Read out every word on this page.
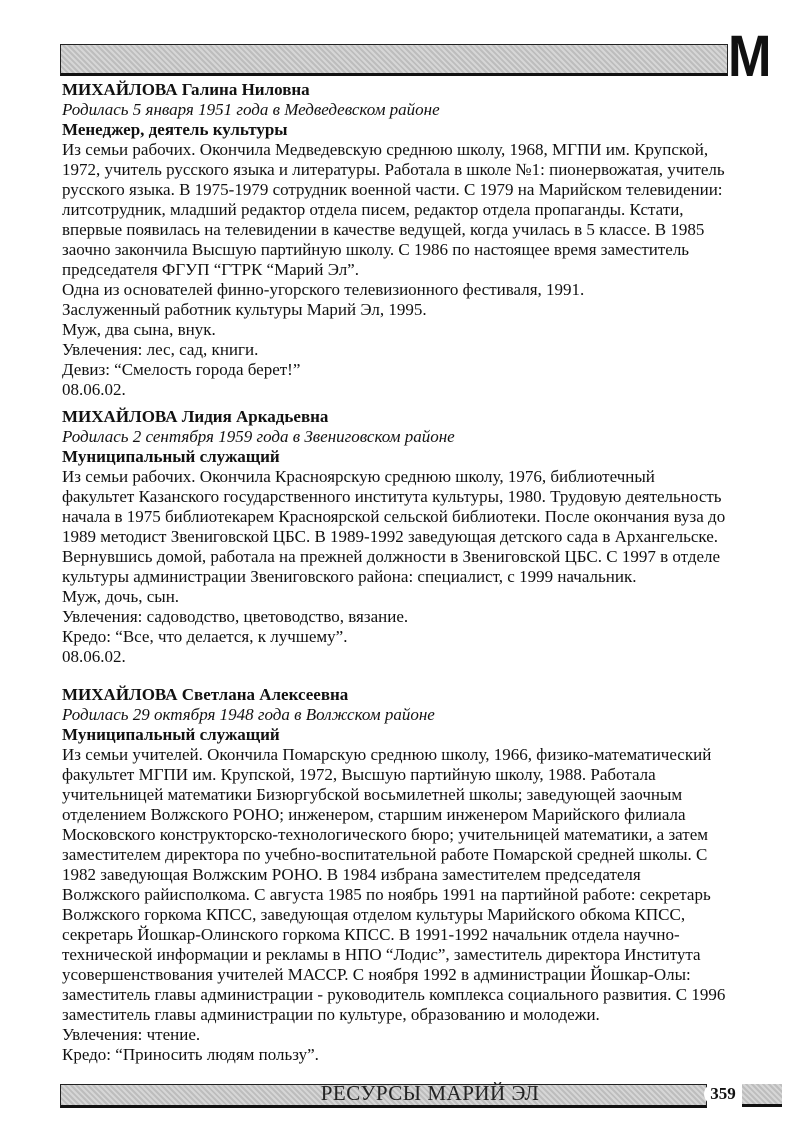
М
МИХАЙЛОВА Галина Ниловна
Родилась 5 января 1951 года в Медведевском районе
Менеджер, деятель культуры
Из семьи рабочих. Окончила Медведевскую среднюю школу, 1968, МГПИ им. Крупской,
1972, учитель русского языка и литературы. Работала в школе №1: пионервожатая, учитель
русского языка. В 1975-1979 сотрудник военной части. С 1979 на Марийском телевидении:
литсотрудник, младший редактор отдела писем, редактор отдела пропаганды. Кстати,
впервые появилась на телевидении в качестве ведущей, когда училась в 5 классе. В 1985
заочно закончила Высшую партийную школу. С 1986 по настоящее время заместитель
председателя ФГУП “ГТРК “Марий Эл”.
Одна из основателей финно-угорского телевизионного фестиваля, 1991.
Заслуженный работник культуры Марий Эл, 1995.
Муж, два сына, внук.
Увлечения: лес, сад, книги.
Девиз: “Смелость города берет!”
08.06.02.
МИХАЙЛОВА Лидия Аркадьевна
Родилась 2 сентября 1959 года в Звениговском районе
Муниципальный служащий
Из семьи рабочих. Окончила Красноярскую среднюю школу, 1976, библиотечный
факультет Казанского государственного института культуры, 1980. Трудовую деятельность
начала в 1975 библиотекарем Красноярской сельской библиотеки. После окончания вуза до
1989 методист Звениговской ЦБС. В 1989-1992 заведующая детского сада в Архангельске.
Вернувшись домой, работала на прежней должности в Звениговской ЦБС. С 1997 в отделе
культуры администрации Звениговского района: специалист, с 1999 начальник.
Муж, дочь, сын.
Увлечения: садоводство, цветоводство, вязание.
Кредо: “Все, что делается, к лучшему”.
08.06.02.
МИХАЙЛОВА Светлана Алексеевна
Родилась 29 октября 1948 года в Волжском районе
Муниципальный служащий
Из семьи учителей. Окончила Помарскую среднюю школу, 1966, физико-математический
факультет МГПИ им. Крупской, 1972, Высшую партийную школу, 1988. Работала
учительницей математики Бизюргубской восьмилетней школы; заведующей заочным
отделением Волжского РОНО; инженером, старшим инженером Марийского филиала
Московского конструкторско-технологического бюро; учительницей математики, а затем
заместителем директора по учебно-воспитательной работе Помарской средней школы. С
1982 заведующая Волжским РОНО. В 1984 избрана заместителем председателя
Волжского райисполкома. С августа 1985 по ноябрь 1991 на партийной работе: секретарь
Волжского горкома КПСС, заведующая отделом культуры Марийского обкома КПСС,
секретарь Йошкар-Олинского горкома КПСС. В 1991-1992 начальник отдела научно-
технической информации и рекламы в НПО “Лодис”, заместитель директора Института
усовершенствования учителей МАССР. С ноября 1992 в администрации Йошкар-Олы:
заместитель главы администрации - руководитель комплекса социального развития. С 1996
заместитель главы администрации по культуре, образованию и молодежи.
Увлечения: чтение.
Кредо: “Приносить людям пользу”.
РЕСУРСЫ МАРИЙ ЭЛ	359
